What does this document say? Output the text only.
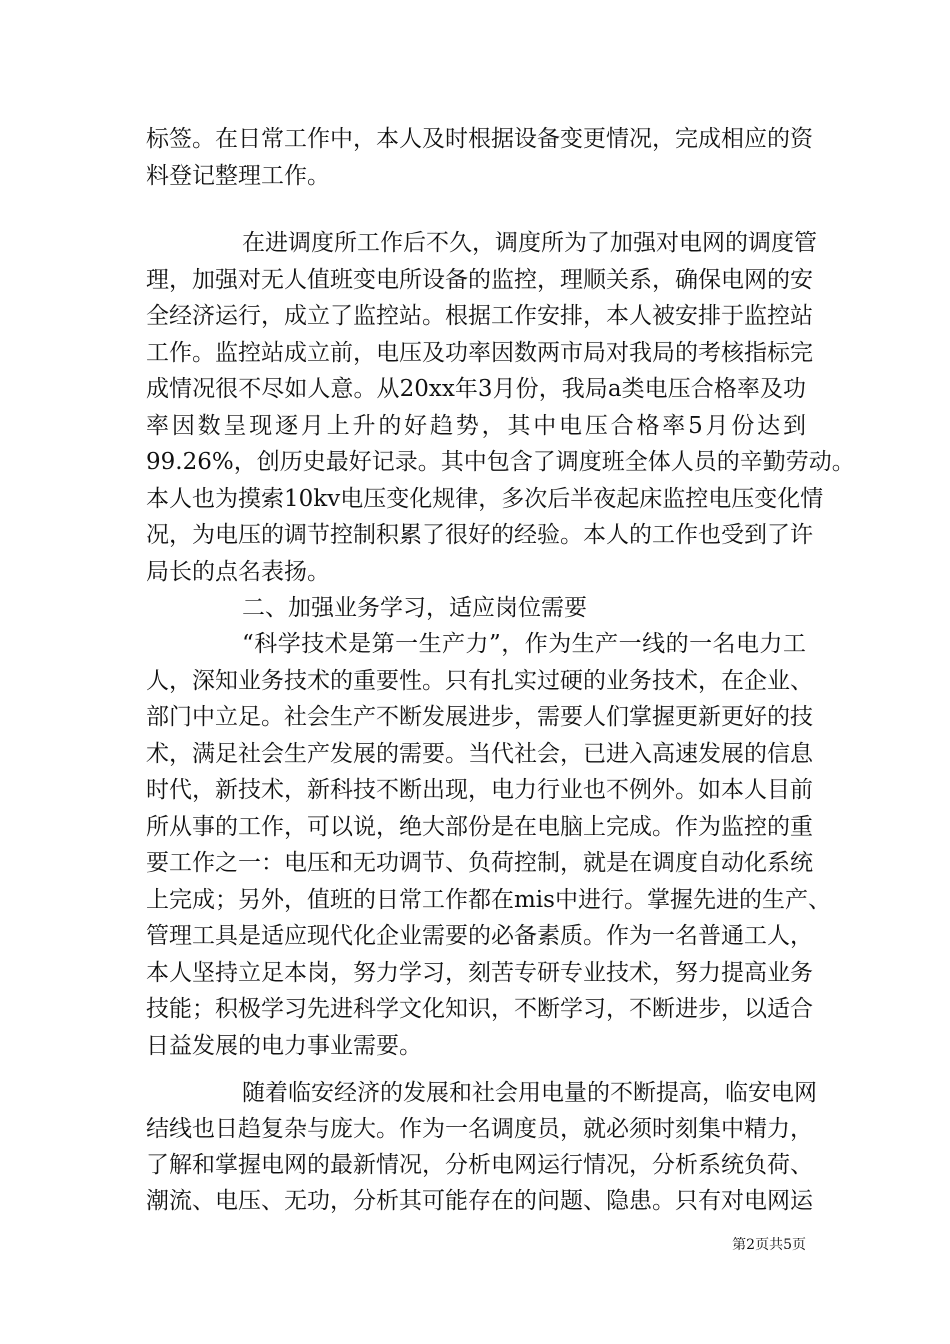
标签。在日常工作中，本人及时根据设备变更情况，完成相应的资
料登记整理工作。
在进调度所工作后不久，调度所为了加强对电网的调度管
理，加强对无人值班变电所设备的监控，理顺关系，确保电网的安
全经济运行，成立了监控站。根据工作安排，本人被安排于监控站
工作。监控站成立前，电压及功率因数两市局对我局的考核指标完
成情况很不尽如人意。从20xx年3月份，我局a类电压合格率及功
率因数呈现逐月上升的好趋势，其中电压合格率5月份达到
99.26%，创历史最好记录。其中包含了调度班全体人员的辛勤劳动。
本人也为摸索10kv电压变化规律，多次后半夜起床监控电压变化情
况，为电压的调节控制积累了很好的经验。本人的工作也受到了许
局长的点名表扬。
二、加强业务学习，适应岗位需要
“科学技术是第一生产力”，作为生产一线的一名电力工
人，深知业务技术的重要性。只有扎实过硬的业务技术，在企业、
部门中立足。社会生产不断发展进步，需要人们掌握更新更好的技
术，满足社会生产发展的需要。当代社会，已进入高速发展的信息
时代，新技术，新科技不断出现，电力行业也不例外。如本人目前
所从事的工作，可以说，绝大部份是在电脑上完成。作为监控的重
要工作之一：电压和无功调节、负荷控制，就是在调度自动化系统
上完成；另外，值班的日常工作都在mis中进行。掌握先进的生产、
管理工具是适应现代化企业需要的必备素质。作为一名普通工人，
本人坚持立足本岗，努力学习，刻苦专研专业技术，努力提高业务
技能；积极学习先进科学文化知识，不断学习，不断进步，以适合
日益发展的电力事业需要。
随着临安经济的发展和社会用电量的不断提高，临安电网
结线也日趋复杂与庞大。作为一名调度员，就必须时刻集中精力，
了解和掌握电网的最新情况，分析电网运行情况，分析系统负荷、
潮流、电压、无功，分析其可能存在的问题、隐患。只有对电网运
第2页共5页
